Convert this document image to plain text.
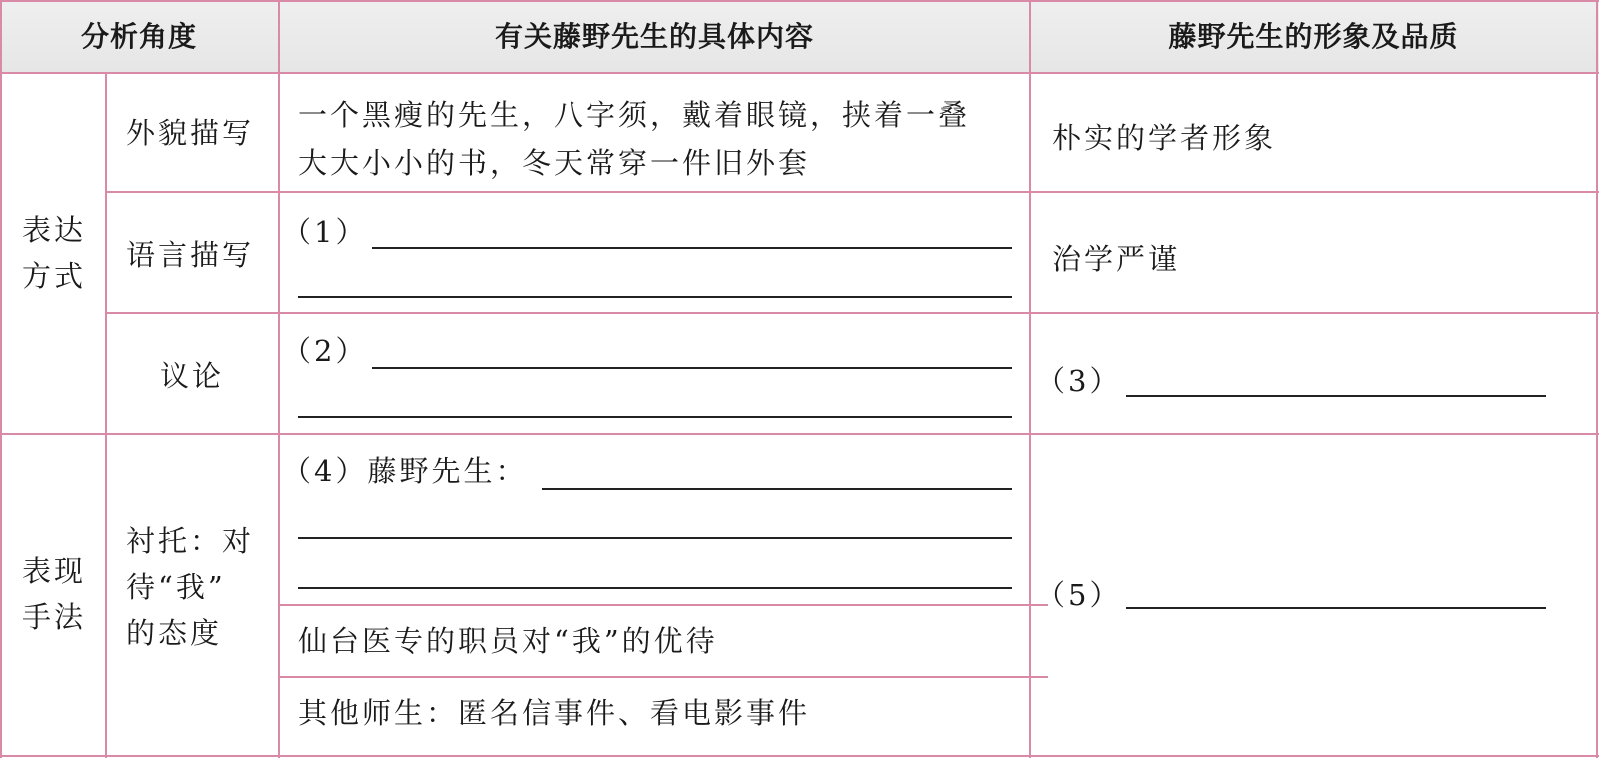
分析角度	有关藤野先生的具体内容	藤野先生的形象及品质
表达
方式
表现
手法
外貌描写
一个黑瘦的先生，八字须，戴着眼镜，挟着一叠
大大小小的书，冬天常穿一件旧外套
朴实的学者形象
语言描写
（1）
治学严谨
议论
（2）
（3）
衬托：对
待“我”
的态度
（4）藤野先生：
仙台医专的职员对“我”的优待
其他师生：匿名信事件、看电影事件
（5）
